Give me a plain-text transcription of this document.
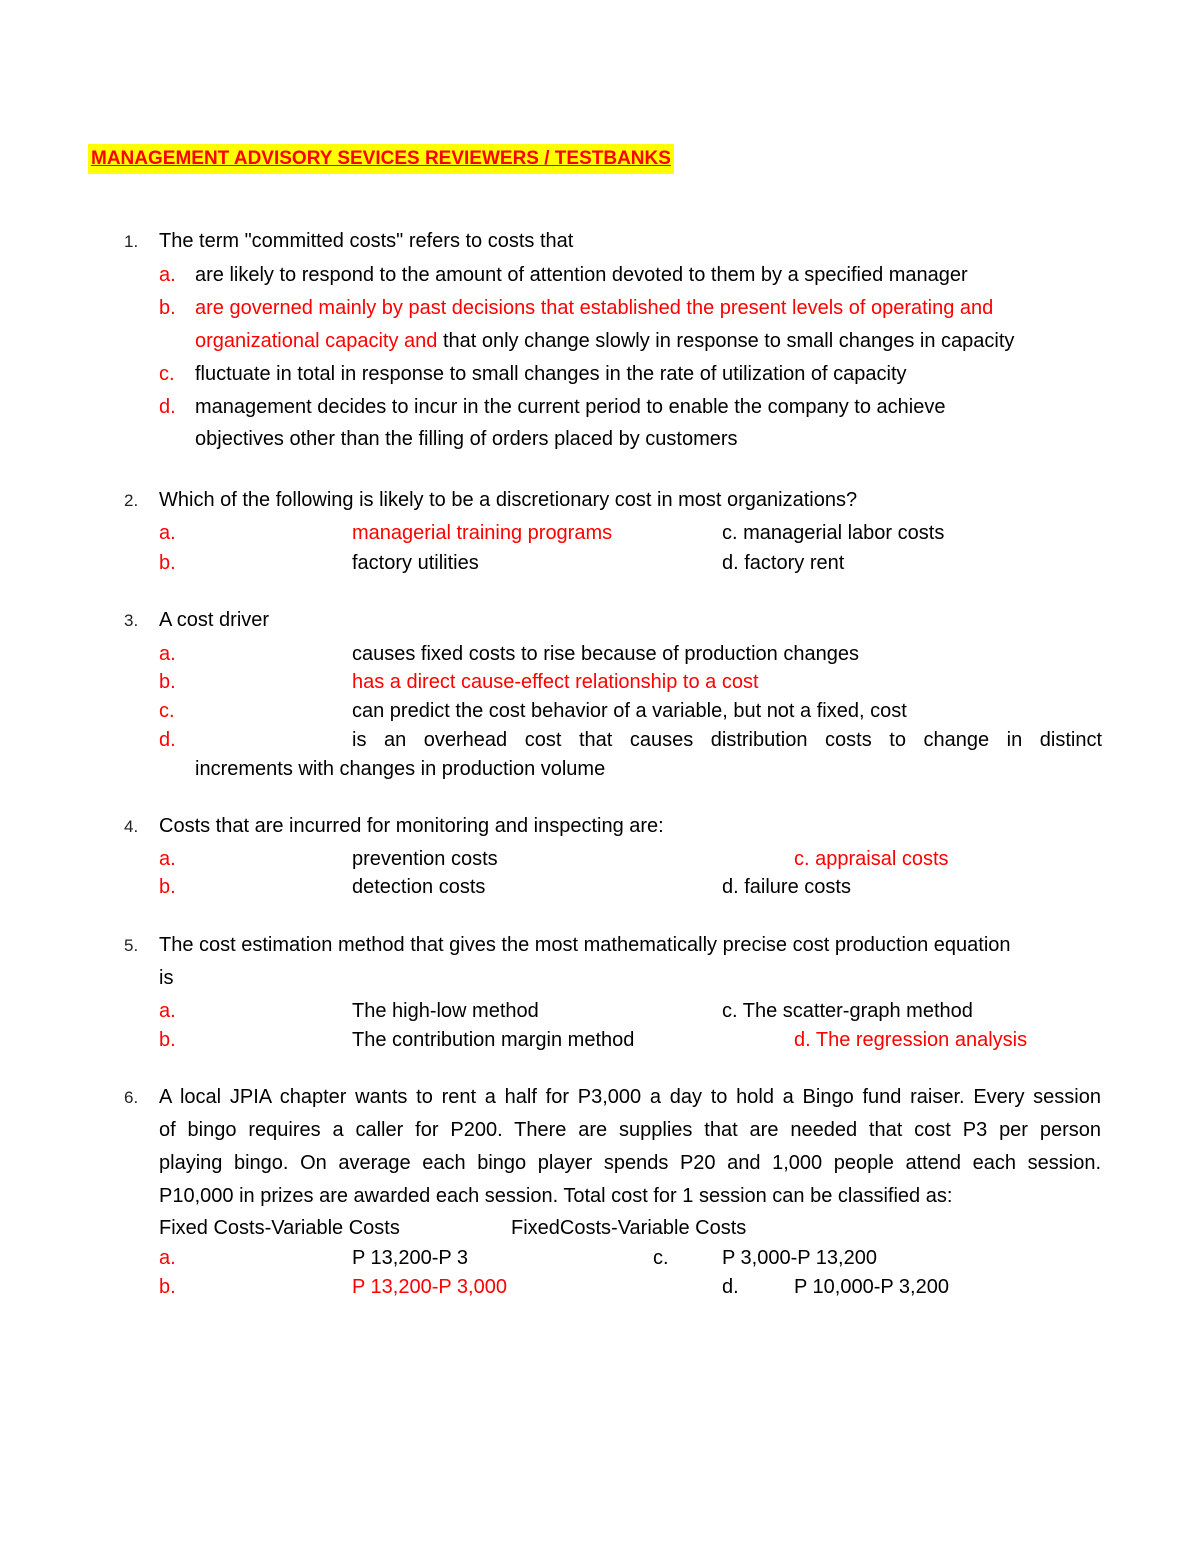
MANAGEMENT ADVISORY SEVICES REVIEWERS / TESTBANKS
1. The term "committed costs" refers to costs that
a. are likely to respond to the amount of attention devoted to them by a specified manager
b. are governed mainly by past decisions that established the present levels of operating and
organizational capacity and that only change slowly in response to small changes in capacity
c. fluctuate in total in response to small changes in the rate of utilization of capacity
d. management decides to incur in the current period to enable the company to achieve
objectives other than the filling of orders placed by customers
2. Which of the following is likely to be a discretionary cost in most organizations?
a.	managerial training programs	c. managerial labor costs
b.	factory utilities	d. factory rent
3. A cost driver
a.	causes fixed costs to rise because of production changes
b.	has a direct cause-effect relationship to a cost
c.	can predict the cost behavior of a variable, but not a fixed, cost
d.	is an overhead cost that causes distribution costs to change in distinct
increments with changes in production volume
4. Costs that are incurred for monitoring and inspecting are:
a.	prevention costs	c. appraisal costs
b.	detection costs	d. failure costs
5. The cost estimation method that gives the most mathematically precise cost production equation
is
a.	The high-low method	c. The scatter-graph method
b.	The contribution margin method	d. The regression analysis
6. A local JPIA chapter wants to rent a half for P3,000 a day to hold a Bingo fund raiser. Every session
of bingo requires a caller for P200. There are supplies that are needed that cost P3 per person
playing bingo. On average each bingo player spends P20 and 1,000 people attend each session.
P10,000 in prizes are awarded each session. Total cost for 1 session can be classified as:
Fixed Costs-Variable Costs	FixedCosts-Variable Costs
a.	P 13,200-P 3	c.	P 3,000-P 13,200
b.	P 13,200-P 3,000	d.	P 10,000-P 3,200
